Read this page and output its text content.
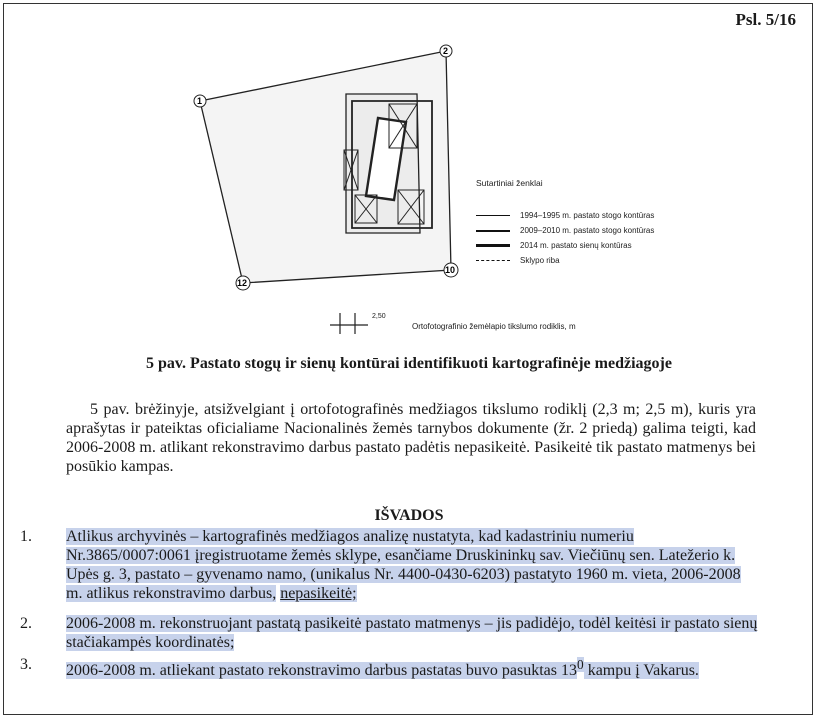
Psl. 5/16
1
2
10
12
Sutartiniai ženklai
1994–1995 m. pastato stogo kontūras
2009–2010 m. pastato stogo kontūras
2014 m. pastato sienų kontūras
Sklypo riba
2,50
Ortofotografinio žemėlapio tikslumo rodiklis, m
5 pav. Pastato stogų ir sienų kontūrai identifikuoti kartografinėje medžiagoje
5 pav. brėžinyje, atsižvelgiant į ortofotografinės medžiagos tikslumo rodiklį (2,3 m; 2,5 m), kuris yra aprašytas ir pateiktas oficialiame Nacionalinės žemės tarnybos dokumente (žr. 2 priedą) galima teigti, kad 2006-2008 m. atlikant rekonstravimo darbus pastato padėtis nepasikeitė. Pasikeitė tik pastato matmenys bei posūkio kampas.
IŠVADOS
1. Atlikus archyvinės – kartografinės medžiagos analizę nustatyta, kad kadastriniu numeriu Nr.3865/0007:0061 įregistruotame žemės sklype, esančiame Druskininkų sav. Viečiūnų sen. Latežerio k. Upės g. 3, pastato – gyvenamo namo, (unikalus Nr. 4400-0430-6203) pastatyto 1960 m. vieta, 2006-2008 m. atlikus rekonstravimo darbus, nepasikeitė;
2. 2006-2008 m. rekonstruojant pastatą pasikeitė pastato matmenys – jis padidėjo, todėl keitėsi ir pastato sienų stačiakampės koordinatės;
3. 2006-2008 m. atliekant pastato rekonstravimo darbus pastatas buvo pasuktas $13^0$ kampu į Vakarus.
